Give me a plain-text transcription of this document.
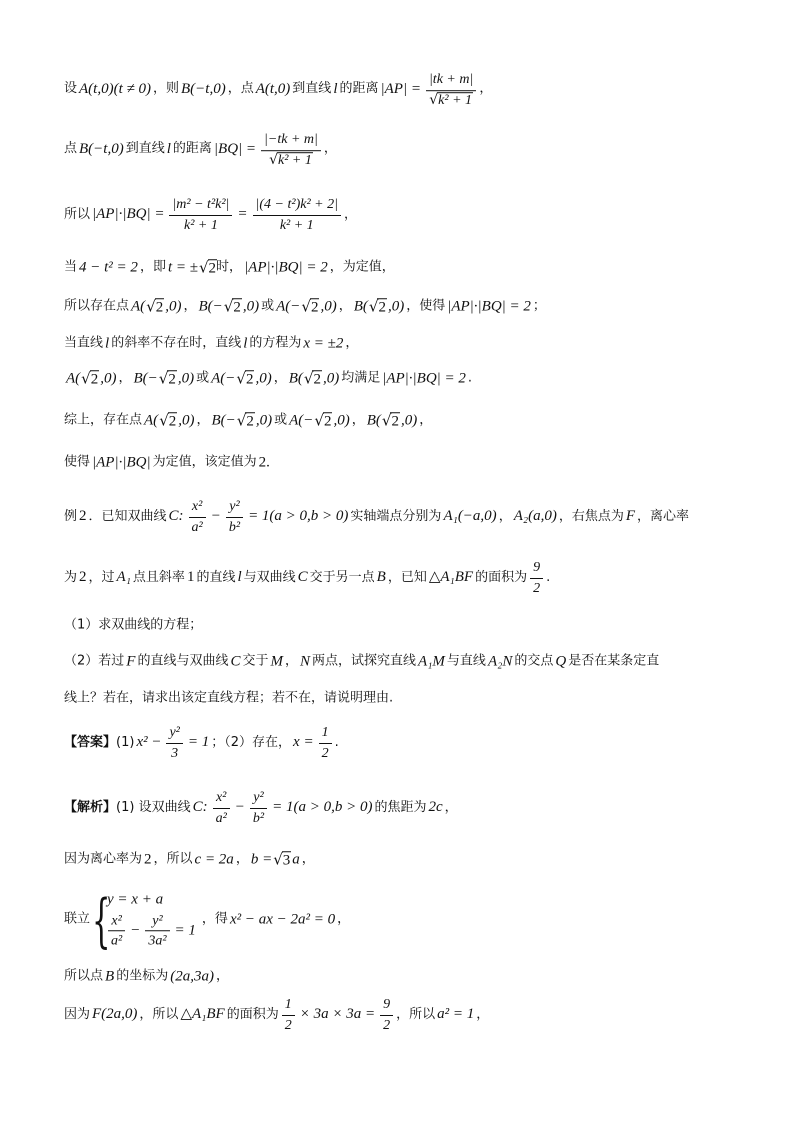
设 A(t,0)(t ≠ 0) ，则 B(−t,0) ，点 A(t,0) 到直线 l 的距离 |AP| = |tk + m|
√
k² + 1 ，
点 B(−t,0) 到直线 l 的距离 |BQ| = |−tk + m|
√
k² + 1 ，
所以 $|AP|\cdot|BQ| = \frac{\text{|m² − t²k²|}}{\text{k² + 1}} = \frac{\text{|(4 − t²)k² + 2|}}{\text{k² + 1}}$ ，
当 4 − t² = 2 ，即 t = ± √ 2 时， |AP|·|BQ| = 2 ，为定值，
所以存在点 A( √ 2 ,0) ， B(− √ 2 ,0) 或 A(− √ 2 ,0) ， B( √ 2 ,0) ，使得 |AP|·|BQ| = 2 ；
当直线 l 的斜率不存在时，直线 l 的方程为 x = ±2 ，
A( √ 2 ,0) ， B(− √ 2 ,0) 或 A(− √ 2 ,0) ， B( √ 2 ,0) 均满足 |AP|·|BQ| = 2 .
综上，存在点 A( √ 2 ,0) ， B(− √ 2 ,0) 或 A(− √ 2 ,0) ， B( √ 2 ,0) ，
使得 |AP|·|BQ| 为定值，该定值为 2.
例 2 ．已知双曲线 C: $\frac{\text{x²}}{\text{a²}} - \frac{\text{y²}}{\text{b²}} = 1(a > 0,b > 0)$ 实轴端点分别为 A₁(−a,0) ， A₂(a,0) ，右焦点为 F ，离心率
为 2 ，过 A₁ 点且斜率 1 的直线 l 与双曲线 C 交于另一点 B ，已知 △A₁BF 的面积为 $\frac{9}{2}$ .
（1）求双曲线的方程；
（2）若过 F 的直线与双曲线 C 交于 M ， N 两点，试探究直线 A₁M 与直线 A₂N 的交点 Q 是否在某条定直
线上？若在，请求出该定直线方程；若不在，请说明理由.
【答案】 (1) $x^2 - \frac{\text{y²}}{3} = 1$ ；（2）存在， $x = \frac{1}{2}$ .
【解析】 (1) 设双曲线 C: $\frac{\text{x²}}{\text{a²}} - \frac{\text{y²}}{\text{b²}} = 1(a > 0,b > 0)$ 的焦距为 2c ，
因为离心率为 2 ，所以 c = 2a ， b = √ 3 a ，
联立
{
y = x + a
$\frac{\text{x²}}{\text{a²}} - \frac{\text{y²}}{\text{3a²}} = 1$
，得 x² − ax − 2a² = 0 ，
所以点 B 的坐标为 (2a,3a) ，
因为 F(2a,0) ，所以 △A₁BF 的面积为 $\frac{1}{2} \times 3a \times 3a = \frac{9}{2}$ ，所以 a² = 1 ，
